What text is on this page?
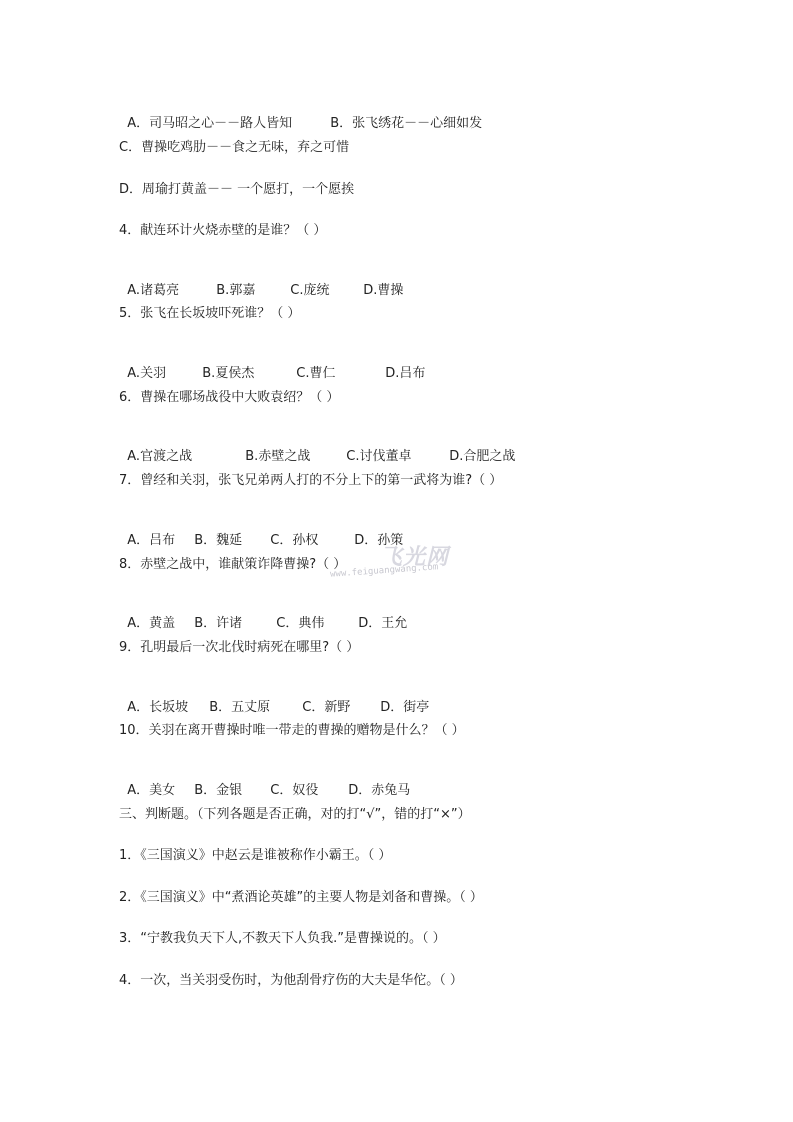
A．司马昭之心－－路人皆知	B．张飞绣花－－心细如发

C．曹操吃鸡肋－－食之无味，弃之可惜
D．周瑜打黄盖－－ 一个愿打，一个愿挨
4．献连环计火烧赤壁的是谁？（ ）

A.诸葛亮	B.郭嘉	C.庞统	D.曹操

5．张飞在长坂坡吓死谁？（ ）

A.关羽	B.夏侯杰	C.曹仁	D.吕布

6．曹操在哪场战役中大败袁绍？（ ）

A.官渡之战	B.赤壁之战	C.讨伐董卓	D.合肥之战

7．曾经和关羽，张飞兄弟两人打的不分上下的第一武将为谁?（ ）

A．吕布 B．魏延 C．孙权	D．孙策

8．赤壁之战中，谁献策诈降曹操?（ ）

A．黄盖 B．许诸	C．典伟	D．王允

9．孔明最后一次北伐时病死在哪里?（ ）

A．长坂坡 B．五丈原 C．新野 D．街亭

10．关羽在离开曹操时唯一带走的曹操的赠物是什么？（ ）

A．美女 B．金银 C．奴役 D．赤兔马

三、判断题。（下列各题是否正确，对的打“√”，错的打“×”）
1．《三国演义》中赵云是谁被称作小霸王。（ ）
2．《三国演义》中“煮酒论英雄”的主要人物是刘备和曹操。（ ）
3．“宁教我负天下人,不教天下人负我.”是曹操说的。（ ）
4．一次，当关羽受伤时，为他刮骨疗伤的大夫是华佗。（ ）
飞光网
www.feiguangwang.com
